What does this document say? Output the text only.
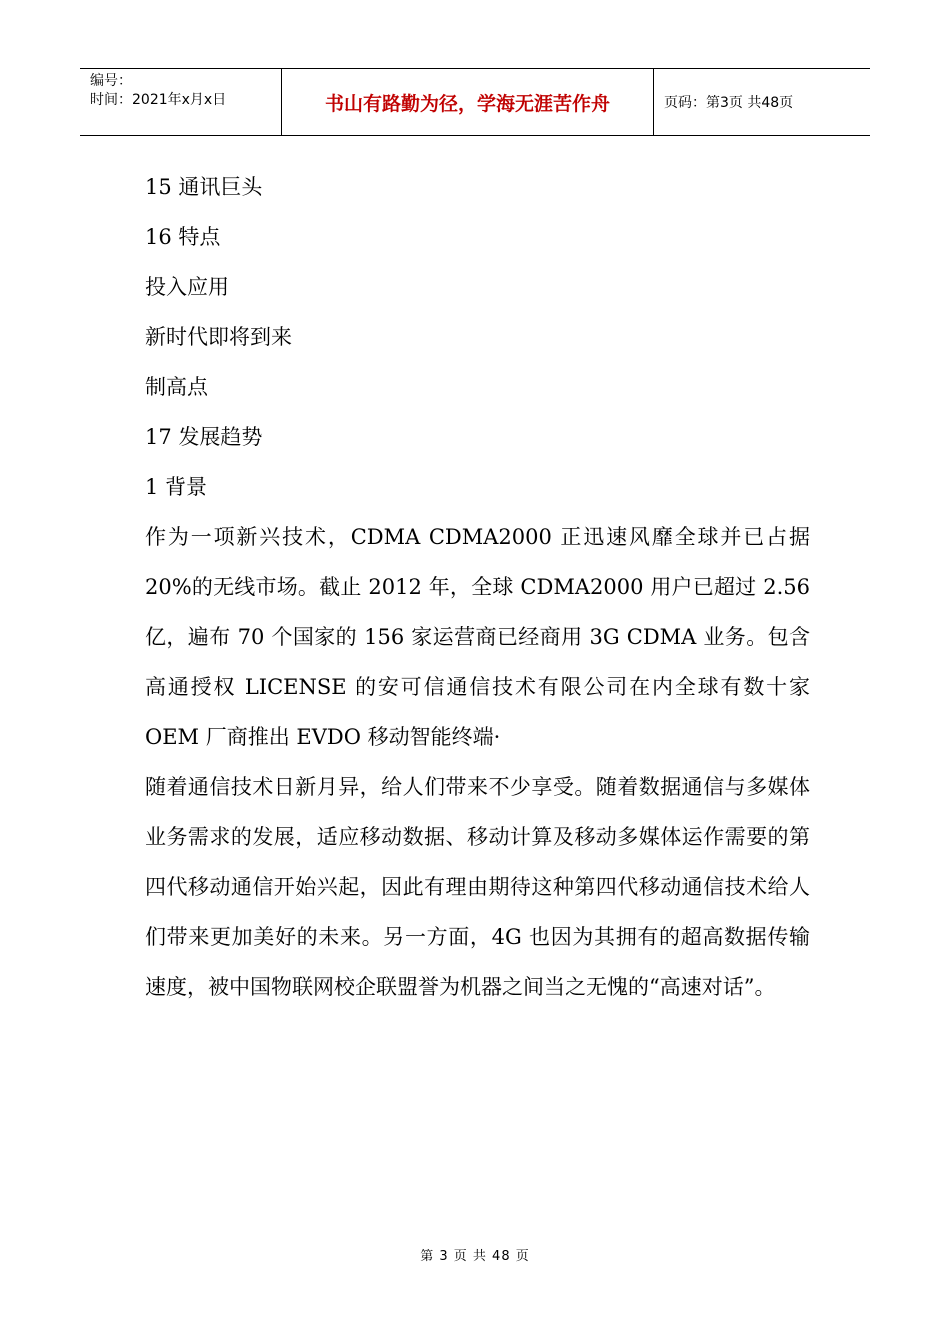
编号：
时间：2021年x月x日	书山有路勤为径，学海无涯苦作舟	页码：第3页 共48页

15 通讯巨头

16 特点

投入应用

新时代即将到来

制高点

17 发展趋势

1 背景

作为一项新兴技术，CDMA CDMA2000 正迅速风靡全球并已占据 20%的无线市场。截止 2012 年，全球 CDMA2000 用户已超过 2.56 亿，遍布 70 个国家的 156 家运营商已经商用 3G CDMA 业务。包含高通授权 LICENSE 的安可信通信技术有限公司在内全球有数十家 OEM 厂商推出 EVDO 移动智能终端·

随着通信技术日新月异，给人们带来不少享受。随着数据通信与多媒体业务需求的发展，适应移动数据、移动计算及移动多媒体运作需要的第四代移动通信开始兴起，因此有理由期待这种第四代移动通信技术给人们带来更加美好的未来。另一方面，4G 也因为其拥有的超高数据传输速度，被中国物联网校企联盟誉为机器之间当之无愧的“高速对话”。

第 3 页 共 48 页
